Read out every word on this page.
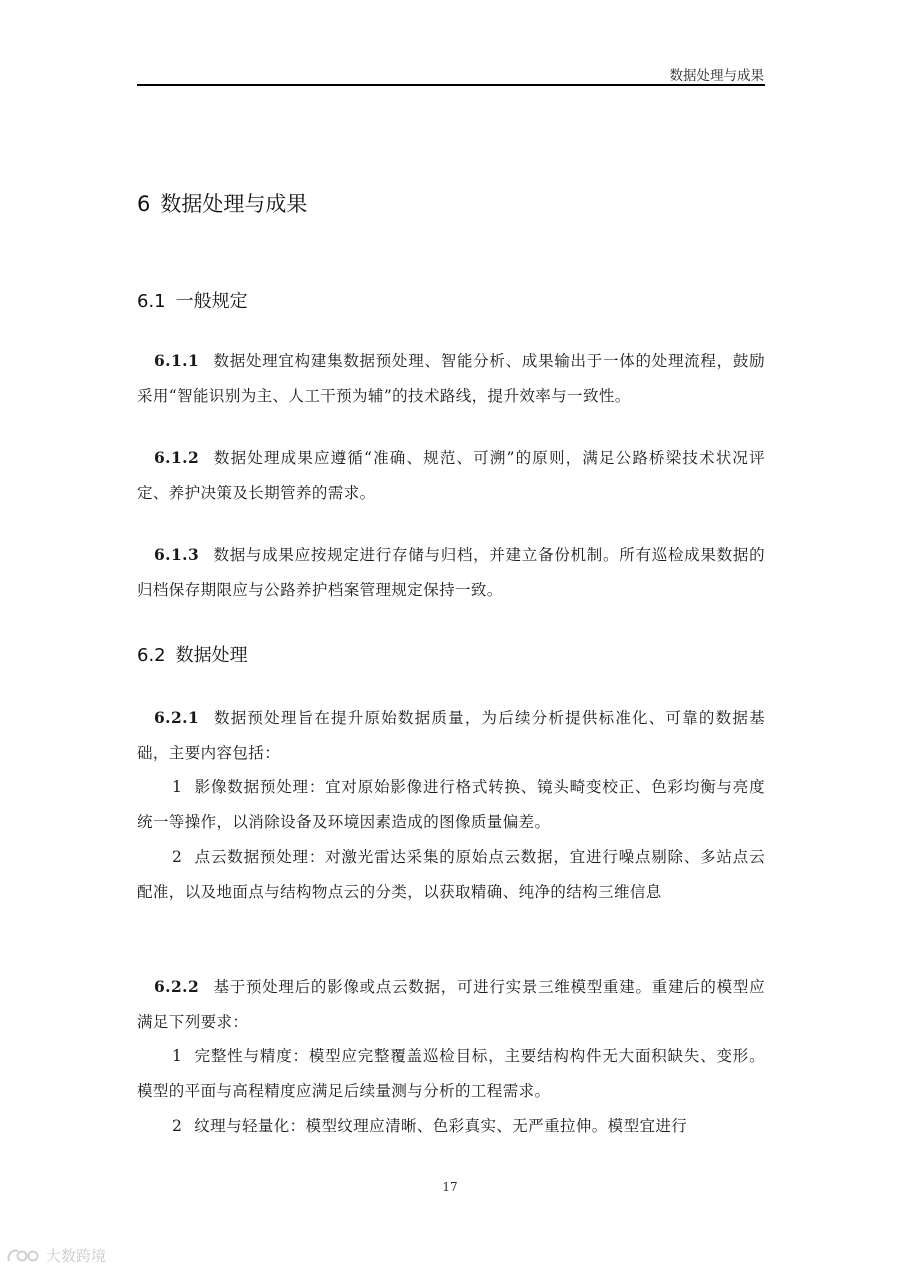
数据处理与成果
6 数据处理与成果
6.1 一般规定
6.1.1 数据处理宜构建集数据预处理、智能分析、成果输出于一体的处理流程，鼓励采用“智能识别为主、人工干预为辅”的技术路线，提升效率与一致性。
6.1.2 数据处理成果应遵循“准确、规范、可溯”的原则，满足公路桥梁技术状况评定、养护决策及长期管养的需求。
6.1.3 数据与成果应按规定进行存储与归档，并建立备份机制。所有巡检成果数据的归档保存期限应与公路养护档案管理规定保持一致。
6.2 数据处理
6.2.1 数据预处理旨在提升原始数据质量，为后续分析提供标准化、可靠的数据基础，主要内容包括：
1 影像数据预处理：宜对原始影像进行格式转换、镜头畸变校正、色彩均衡与亮度统一等操作，以消除设备及环境因素造成的图像质量偏差。
2 点云数据预处理：对激光雷达采集的原始点云数据，宜进行噪点剔除、多站点云配准，以及地面点与结构物点云的分类，以获取精确、纯净的结构三维信息
6.2.2 基于预处理后的影像或点云数据，可进行实景三维模型重建。重建后的模型应满足下列要求：
1 完整性与精度：模型应完整覆盖巡检目标，主要结构构件无大面积缺失、变形。模型的平面与高程精度应满足后续量测与分析的工程需求。
2 纹理与轻量化：模型纹理应清晰、色彩真实、无严重拉伸。模型宜进行
17
大数跨境
